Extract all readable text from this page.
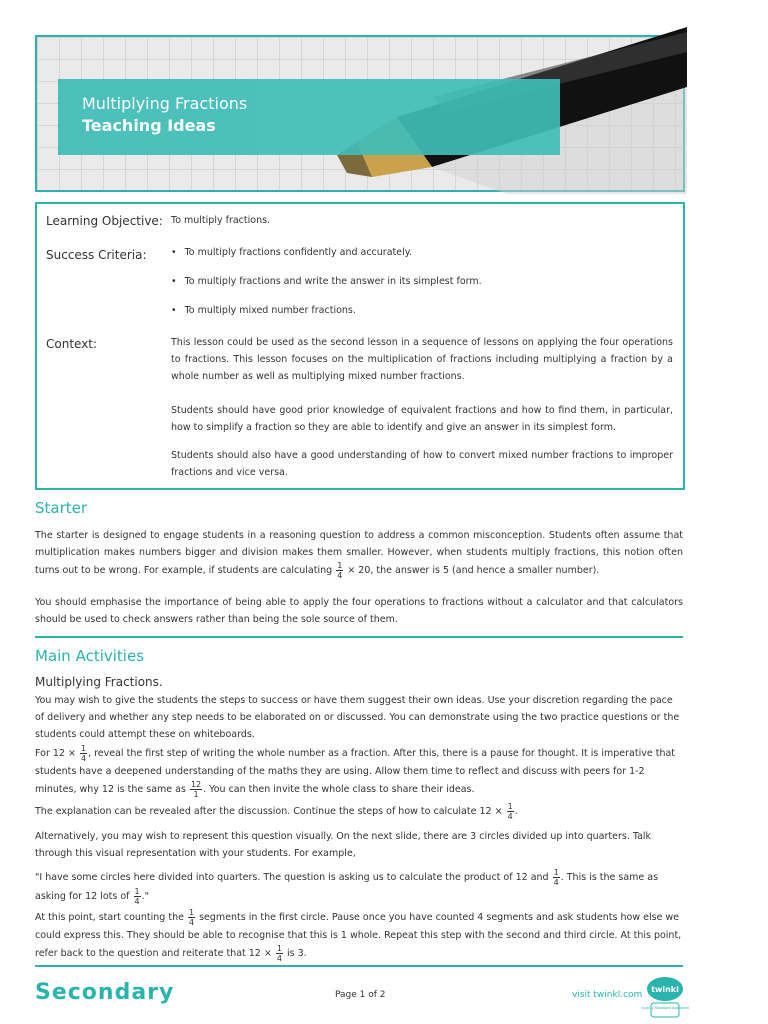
Multiplying Fractions
Teaching Ideas
Learning Objective: To multiply fractions.
Success Criteria:
•	To multiply fractions confidently and accurately.
• To multiply fractions and write the answer in its simplest form.
• To multiply mixed number fractions.
Context:	This lesson could be used as the second lesson in a sequence of lessons on applying the four operations to fractions. This lesson focuses on the multiplication of fractions including multiplying a fraction by a whole number as well as multiplying mixed number fractions.
Students should have good prior knowledge of equivalent fractions and how to find them, in particular, how to simplify a fraction so they are able to identify and give an answer in its simplest form.
Students should also have a good understanding of how to convert mixed number fractions to improper fractions and vice versa.
Starter
The starter is designed to engage students in a reasoning question to address a common misconception. Students often assume that multiplication makes numbers bigger and division makes them smaller. However, when students multiply fractions, this notion often turns out to be wrong. For example, if students are calculating $\frac{1}{4} \times 20$, the answer is 5 (and hence a smaller number).
You should emphasise the importance of being able to apply the four operations to fractions without a calculator and that calculators should be used to check answers rather than being the sole source of them.
Main Activities
Multiplying Fractions.
You may wish to give the students the steps to success or have them suggest their own ideas. Use your discretion regarding the pace of delivery and whether any step needs to be elaborated on or discussed. You can demonstrate using the two practice questions or the students could attempt these on whiteboards.
For $12 \times \frac{1}{4}$ , reveal the first step of writing the whole number as a fraction. After this, there is a pause for thought. It is imperative that students have a deepened understanding of the maths they are using. Allow them time to reflect and discuss with peers for 1-2 minutes, why 12 is the same as $\frac{12}{1}$ . You can then invite the whole class to share their ideas.
The explanation can be revealed after the discussion. Continue the steps of how to calculate $12 \times \frac{1}{4}$ .
Alternatively, you may wish to represent this question visually. On the next slide, there are 3 circles divided up into quarters. Talk through this visual representation with your students. For example,
"I have some circles here divided into quarters. The question is asking us to calculate the product of 12 and $\frac{1}{4}$ . This is the same as asking for 12 lots of $\frac{1}{4}$ ."
At this point, start counting the $\frac{1}{4}$ segments in the first circle. Pause once you have counted 4 segments and ask students how else we could express this. They should be able to recognise that this is 1 whole. Repeat this step with the second and third circle. At this point, refer back to the question and reiterate that $12 \times \frac{1}{4}$ is 3.
Secondary	Page 1 of 2	visit twinkl.com
twinkl
Quality Standard Approved
